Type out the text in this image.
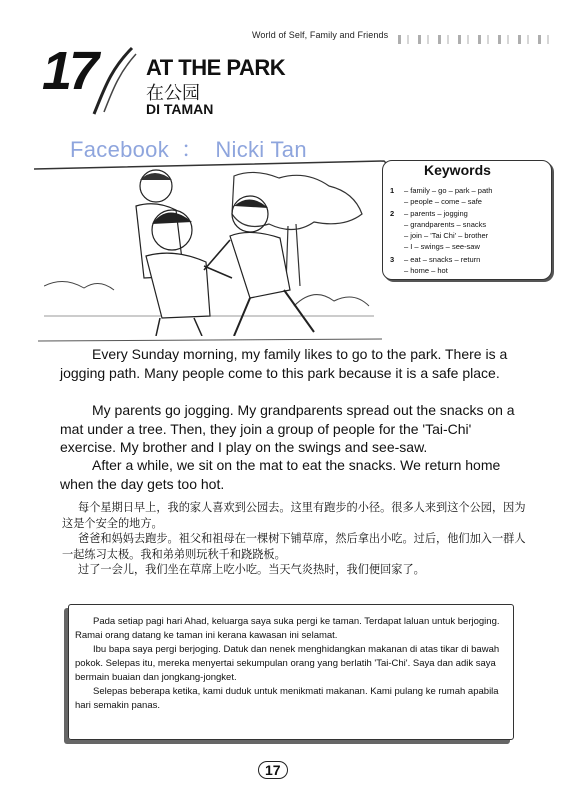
World of Self, Family and Friends
17 AT THE PARK
在公园
DI TAMAN
Facebook ： Nicki Tan
Keywords
1 – family – go – park – path
– people – come – safe
2 – parents – jogging
– grandparents – snacks
– join – 'Tai Chi' – brother
– I – swings – see-saw
3 – eat – snacks – return
– home – hot

Every Sunday morning, my family likes to go to the park. There is a jogging path. Many people come to this park because it is a safe place.

My parents go jogging. My grandparents spread out the snacks on a mat under a tree. Then, they join a group of people for the 'Tai-Chi' exercise. My brother and I play on the swings and see-saw.

After a while, we sit on the mat to eat the snacks. We return home when the day gets too hot.

每个星期日早上，我的家人喜欢到公园去。这里有跑步的小径。很多人来到这个公园，因为这是个安全的地方。

爸爸和妈妈去跑步。祖父和祖母在一棵树下铺草席，然后拿出小吃。过后，他们加入一群人一起练习太极。我和弟弟则玩秋千和跷跷板。

过了一会儿，我们坐在草席上吃小吃。当天气炎热时，我们便回家了。

Pada setiap pagi hari Ahad, keluarga saya suka pergi ke taman. Terdapat laluan untuk berjoging. Ramai orang datang ke taman ini kerana kawasan ini selamat.

Ibu bapa saya pergi berjoging. Datuk dan nenek menghidangkan makanan di atas tikar di bawah pokok. Selepas itu, mereka menyertai sekumpulan orang yang berlatih 'Tai-Chi'. Saya dan adik saya bermain buaian dan jongkang-jongket.

Selepas beberapa ketika, kami duduk untuk menikmati makanan. Kami pulang ke rumah apabila hari semakin panas.

17
